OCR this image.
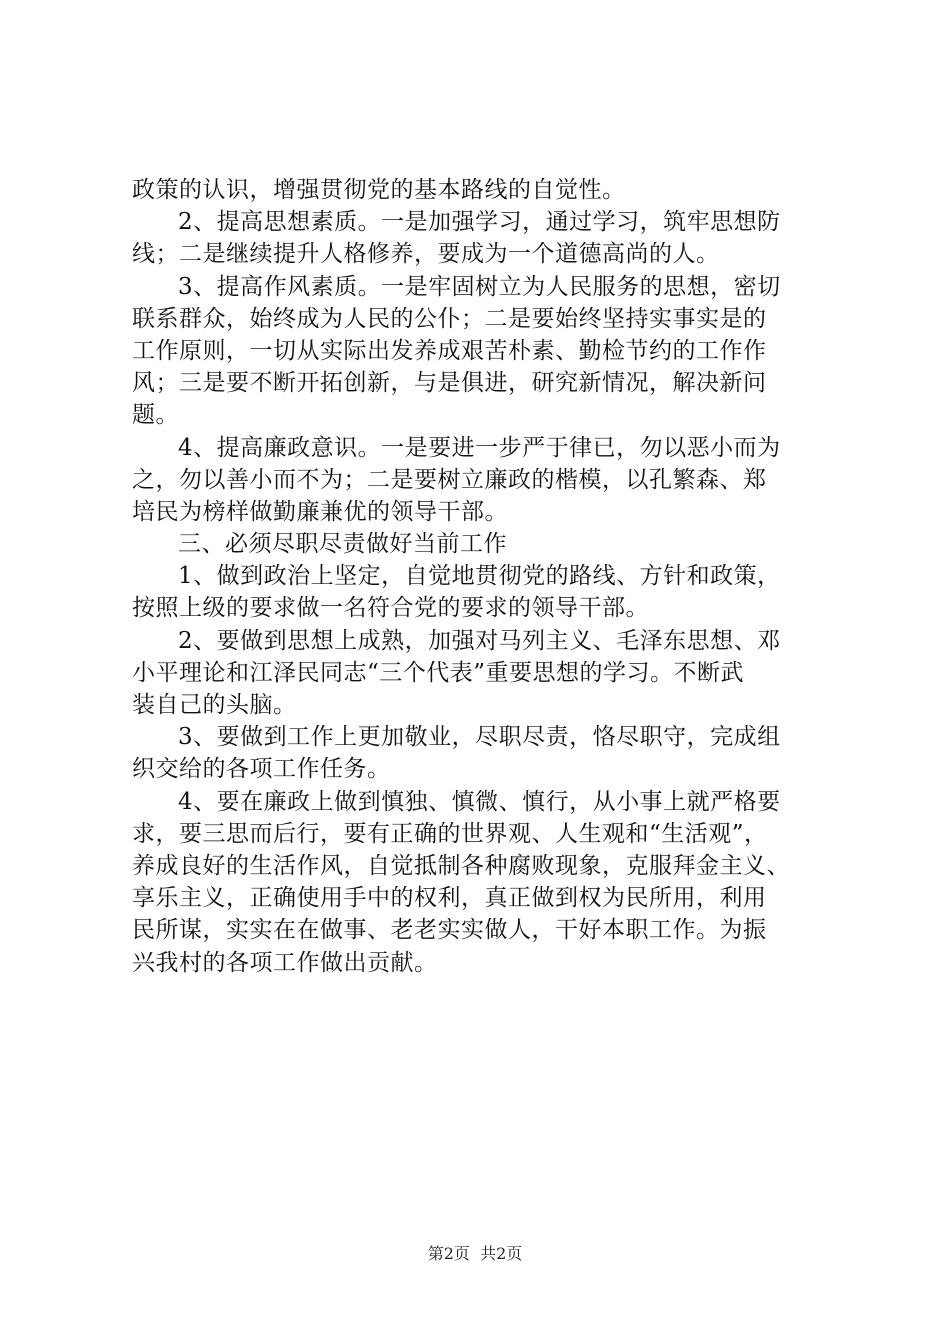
政策的认识，增强贯彻党的基本路线的自觉性。
2、提高思想素质。一是加强学习，通过学习，筑牢思想防
线；二是继续提升人格修养，要成为一个道德高尚的人。
3、提高作风素质。一是牢固树立为人民服务的思想，密切
联系群众，始终成为人民的公仆；二是要始终坚持实事实是的
工作原则，一切从实际出发养成艰苦朴素、勤检节约的工作作
风；三是要不断开拓创新，与是俱进，研究新情况，解决新问
题。
4、提高廉政意识。一是要进一步严于律已，勿以恶小而为
之，勿以善小而不为；二是要树立廉政的楷模，以孔繁森、郑
培民为榜样做勤廉兼优的领导干部。
三、必须尽职尽责做好当前工作
1、做到政治上坚定，自觉地贯彻党的路线、方针和政策，
按照上级的要求做一名符合党的要求的领导干部。
2、要做到思想上成熟，加强对马列主义、毛泽东思想、邓
小平理论和江泽民同志“三个代表”重要思想的学习。不断武
装自己的头脑。
3、要做到工作上更加敬业，尽职尽责，恪尽职守，完成组
织交给的各项工作任务。
4、要在廉政上做到慎独、慎微、慎行，从小事上就严格要
求，要三思而后行，要有正确的世界观、人生观和“生活观”，
养成良好的生活作风，自觉抵制各种腐败现象，克服拜金主义、
享乐主义，正确使用手中的权利，真正做到权为民所用，利用
民所谋，实实在在做事、老老实实做人，干好本职工作。为振
兴我村的各项工作做出贡献。
第2页 共2页
